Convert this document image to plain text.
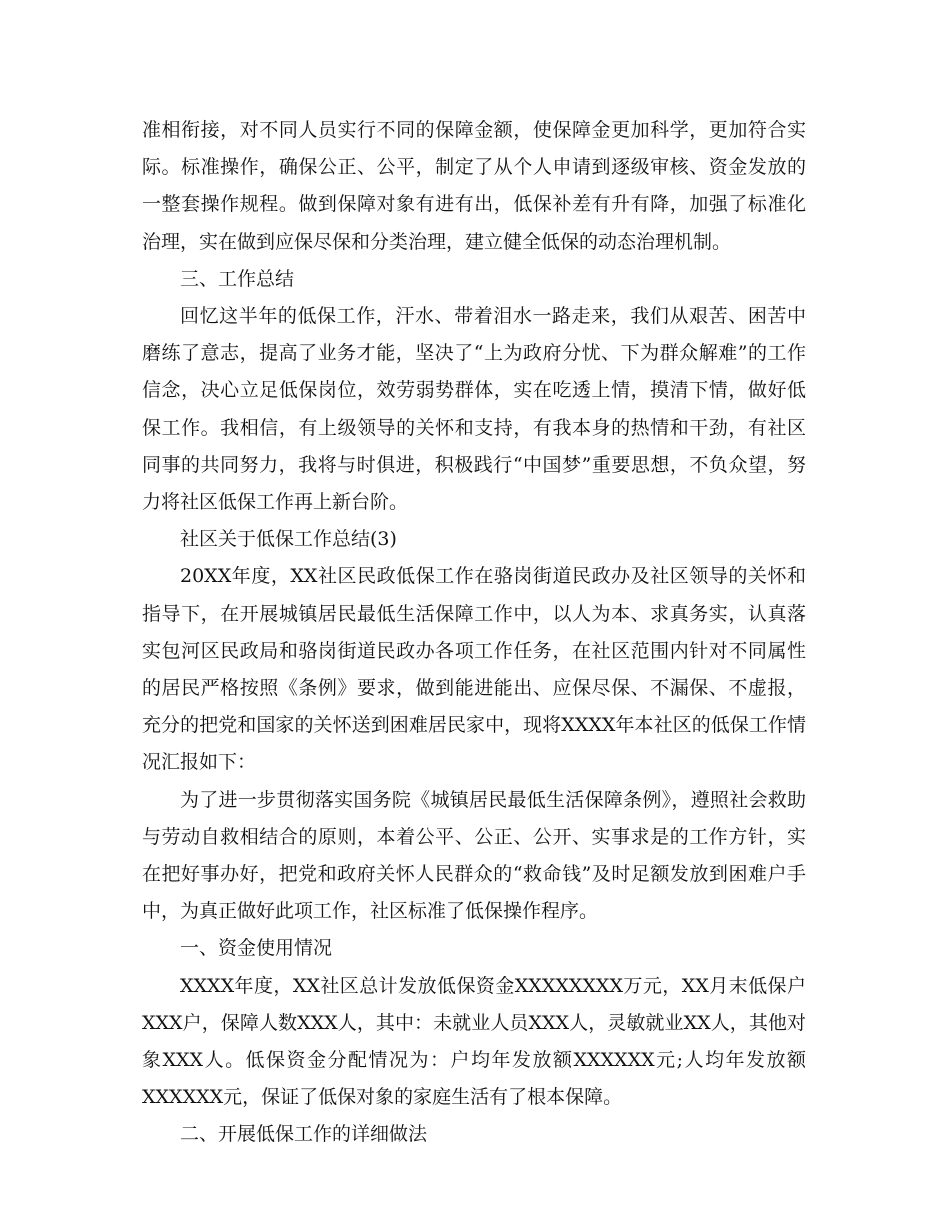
准相衔接，对不同人员实行不同的保障金额，使保障金更加科学，更加符合实际。标准操作，确保公正、公平，制定了从个人申请到逐级审核、资金发放的一整套操作规程。做到保障对象有进有出，低保补差有升有降，加强了标准化治理，实在做到应保尽保和分类治理，建立健全低保的动态治理机制。

三、工作总结

回忆这半年的低保工作，汗水、带着泪水一路走来，我们从艰苦、困苦中磨练了意志，提高了业务才能，坚决了“上为政府分忧、下为群众解难”的工作信念，决心立足低保岗位，效劳弱势群体，实在吃透上情，摸清下情，做好低保工作。我相信，有上级领导的关怀和支持，有我本身的热情和干劲，有社区同事的共同努力，我将与时俱进，积极践行“中国梦”重要思想，不负众望，努力将社区低保工作再上新台阶。

社区关于低保工作总结(3)

20XX年度，XX社区民政低保工作在骆岗街道民政办及社区领导的关怀和指导下，在开展城镇居民最低生活保障工作中，以人为本、求真务实，认真落实包河区民政局和骆岗街道民政办各项工作任务，在社区范围内针对不同属性的居民严格按照《条例》要求，做到能进能出、应保尽保、不漏保、不虚报，充分的把党和国家的关怀送到困难居民家中，现将XXXX年本社区的低保工作情况汇报如下：

为了进一步贯彻落实国务院《城镇居民最低生活保障条例》，遵照社会救助与劳动自救相结合的原则，本着公平、公正、公开、实事求是的工作方针，实在把好事办好，把党和政府关怀人民群众的“救命钱”及时足额发放到困难户手中，为真正做好此项工作，社区标准了低保操作程序。

一、资金使用情况

XXXX年度，XX社区总计发放低保资金XXXXXXXX万元，XX月末低保户XXX户，保障人数XXX人，其中：未就业人员XXX人，灵敏就业XX人，其他对象XXX人。低保资金分配情况为：户均年发放额XXXXXX元;人均年发放额XXXXXX元，保证了低保对象的家庭生活有了根本保障。

二、开展低保工作的详细做法
